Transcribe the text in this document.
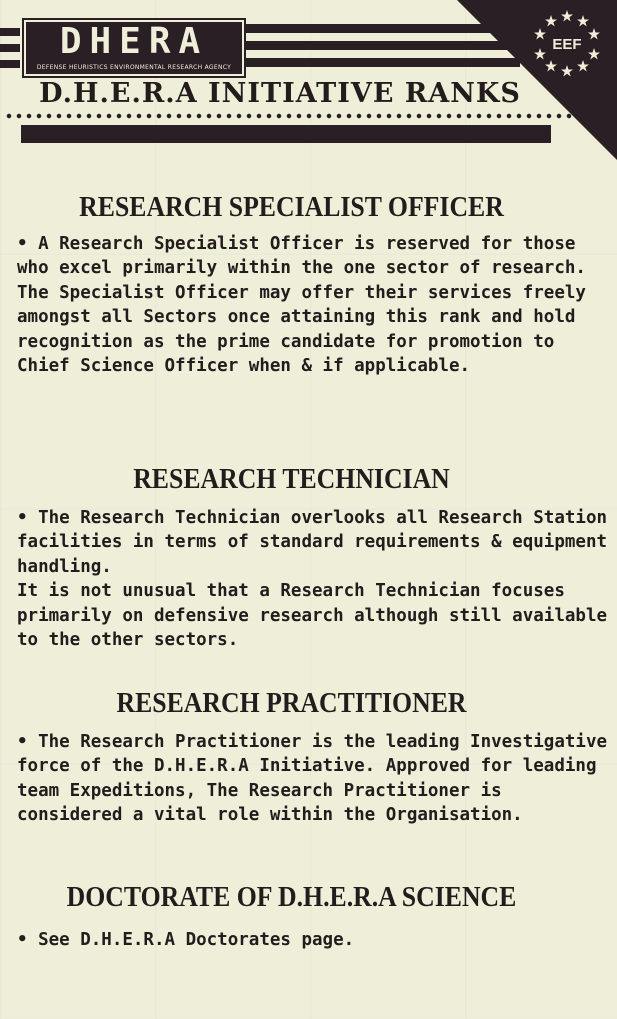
DHERA
DEFENSE HEURISTICS ENVIRONMENTAL RESEARCH AGENCY
EEF
D.H.E.R.A INITIATIVE RANKS
RESEARCH SPECIALIST OFFICER

• A Research Specialist Officer is reserved for those who excel primarily within the one sector of research.

The Specialist Officer may offer their services freely amongst all Sectors once attaining this rank and hold recognition as the prime candidate for promotion to Chief Science Officer when & if applicable.

RESEARCH TECHNICIAN

• The Research Technician overlooks all Research Station facilities in terms of standard requirements & equipment handling.

It is not unusual that a Research Technician focuses primarily on defensive research although still available to the other sectors.

RESEARCH PRACTITIONER

• The Research Practitioner is the leading Investigative force of the D.H.E.R.A Initiative. Approved for leading team Expeditions, The Research Practitioner is considered a vital role within the Organisation.

DOCTORATE OF D.H.E.R.A SCIENCE

• See D.H.E.R.A Doctorates page.
